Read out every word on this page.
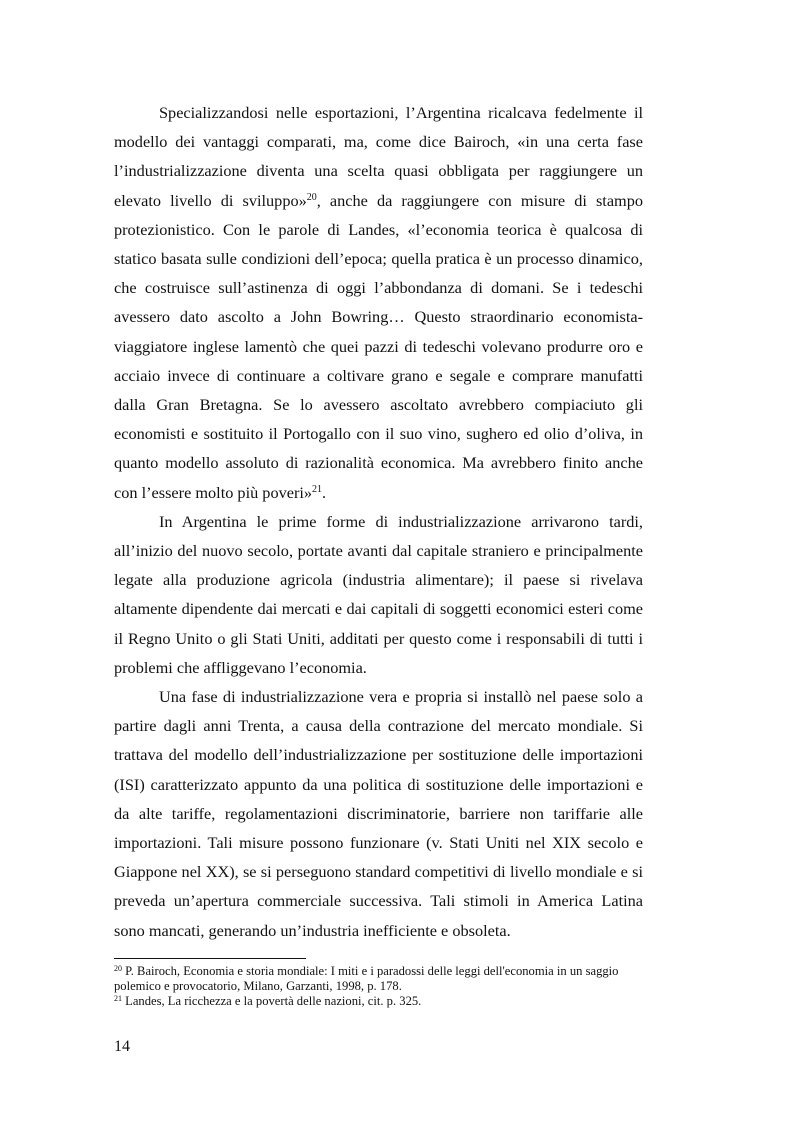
Specializzandosi nelle esportazioni, l’Argentina ricalcava fedelmente il modello dei vantaggi comparati, ma, come dice Bairoch, «in una certa fase l’industrializzazione diventa una scelta quasi obbligata per raggiungere un elevato livello di sviluppo»$^{20}$, anche da raggiungere con misure di stampo protezionistico. Con le parole di Landes, «l’economia teorica è qualcosa di statico basata sulle condizioni dell’epoca; quella pratica è un processo dinamico, che costruisce sull’astinenza di oggi l’abbondanza di domani. Se i tedeschi avessero dato ascolto a John Bowring… Questo straordinario economista-viaggiatore inglese lamentò che quei pazzi di tedeschi volevano produrre oro e acciaio invece di continuare a coltivare grano e segale e comprare manufatti dalla Gran Bretagna. Se lo avessero ascoltato avrebbero compiaciuto gli economisti e sostituito il Portogallo con il suo vino, sughero ed olio d’oliva, in quanto modello assoluto di razionalità economica. Ma avrebbero finito anche con l’essere molto più poveri»$^{21}$.

In Argentina le prime forme di industrializzazione arrivarono tardi, all’inizio del nuovo secolo, portate avanti dal capitale straniero e principalmente legate alla produzione agricola (industria alimentare); il paese si rivelava altamente dipendente dai mercati e dai capitali di soggetti economici esteri come il Regno Unito o gli Stati Uniti, additati per questo come i responsabili di tutti i problemi che affliggevano l’economia.

Una fase di industrializzazione vera e propria si installò nel paese solo a partire dagli anni Trenta, a causa della contrazione del mercato mondiale. Si trattava del modello dell’industrializzazione per sostituzione delle importazioni (ISI) caratterizzato appunto da una politica di sostituzione delle importazioni e da alte tariffe, regolamentazioni discriminatorie, barriere non tariffarie alle importazioni. Tali misure possono funzionare (v. Stati Uniti nel XIX secolo e Giappone nel XX), se si perseguono standard competitivi di livello mondiale e si preveda un’apertura commerciale successiva. Tali stimoli in America Latina sono mancati, generando un’industria inefficiente e obsoleta.

$^{20}$ P. Bairoch, Economia e storia mondiale: I miti e i paradossi delle leggi dell'economia in un saggio polemico e provocatorio, Milano, Garzanti, 1998, p. 178.

$^{21}$ Landes, La ricchezza e la povertà delle nazioni, cit. p. 325.

14
